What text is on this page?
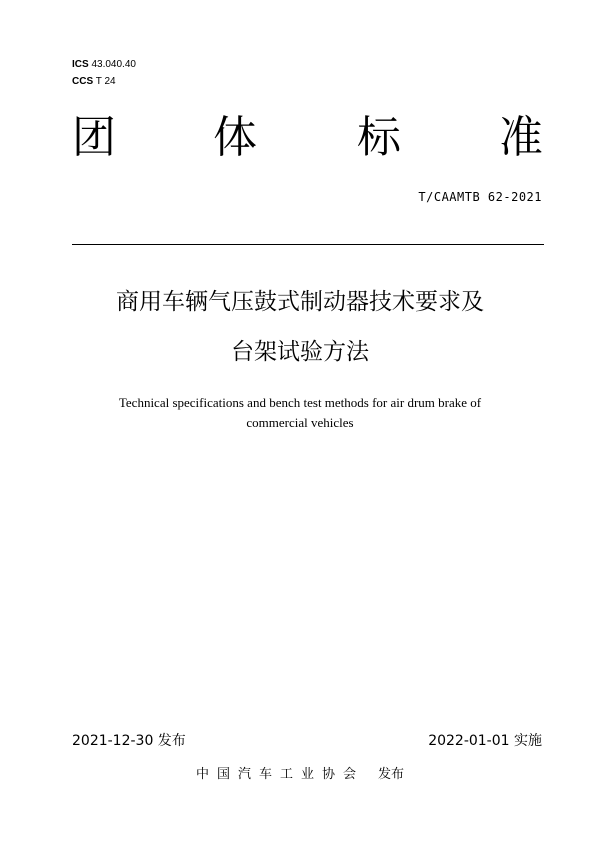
ICS 43.040.40
CCS T 24
团 体 标 准
T/CAAMTB 62-2021
商用车辆气压鼓式制动器技术要求及
台架试验方法
Technical specifications and bench test methods for air drum brake of
commercial vehicles
2021-12-30 发布	2022-01-01 实施
中国汽车工业协会 发布
